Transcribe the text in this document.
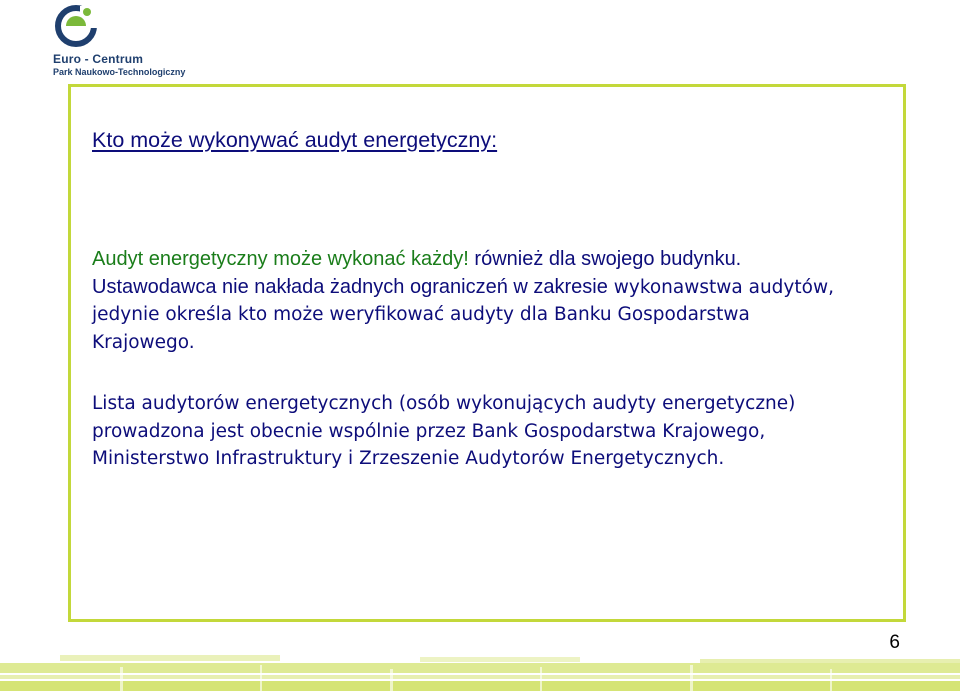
Euro - Centrum
Park Naukowo-Technologiczny
Kto może wykonywać audyt energetyczny:
Audyt energetyczny może wykonać każdy! również dla swojego budynku. Ustawodawca nie nakłada żadnych ograniczeń w zakresie wykonawstwa audytów, jedynie określa kto może weryfikować audyty dla Banku Gospodarstwa Krajowego.
Lista audytorów energetycznych (osób wykonujących audyty energetyczne) prowadzona jest obecnie wspólnie przez Bank Gospodarstwa Krajowego, Ministerstwo Infrastruktury i Zrzeszenie Audytorów Energetycznych.
6
